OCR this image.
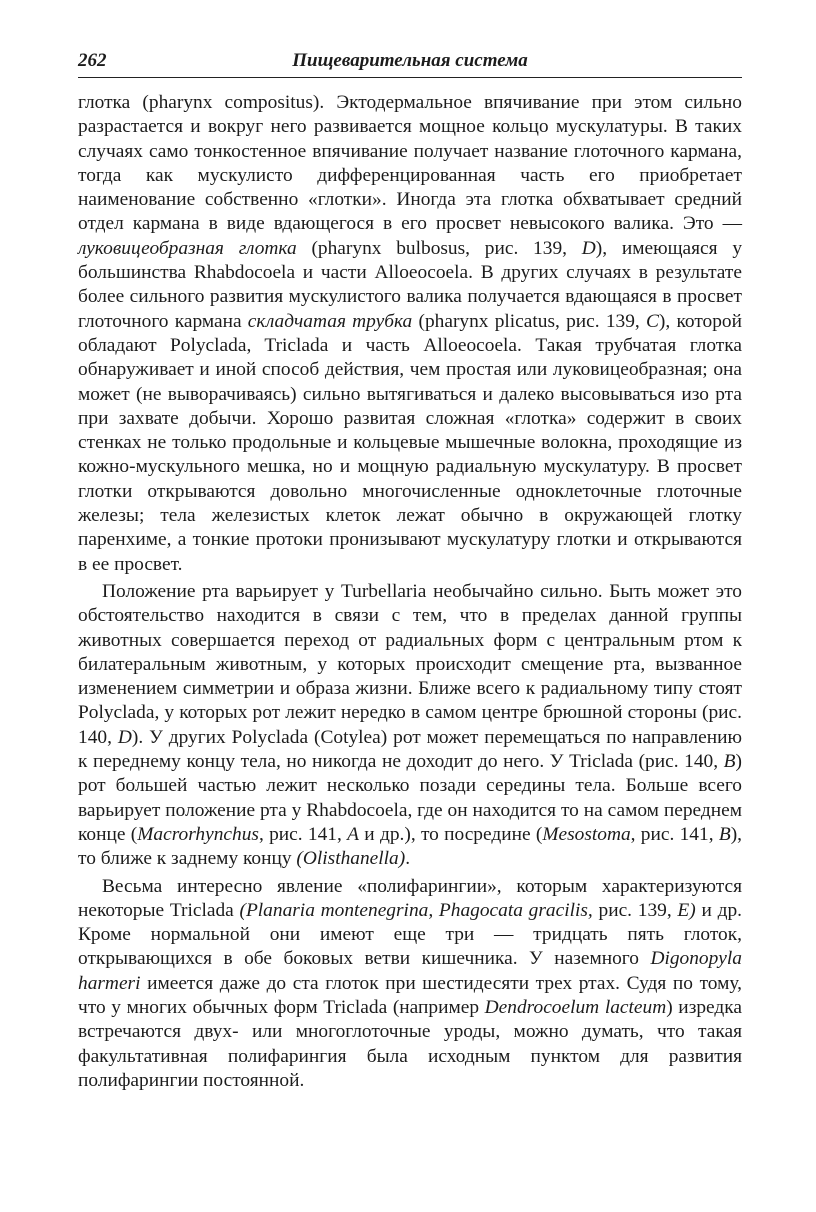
262	Пищеварительная система

глотка (pharynx compositus). Эктодермальное впячивание при этом сильно разрастается и вокруг него развивается мощное кольцо мускулатуры. В таких случаях само тонкостенное впячивание получает название глоточного кармана, тогда как мускулисто дифференцированная часть его приобретает наименование собственно «глотки». Иногда эта глотка обхватывает средний отдел кармана в виде вдающегося в его просвет невысокого валика. Это — луковицеобразная глотка (pharynx bulbosus, рис. 139, D), имеющаяся у большинства Rhabdocoela и части Alloeocoela. В других случаях в результате более сильного развития мускулистого валика получается вдающаяся в просвет глоточного кармана складчатая трубка (pharynx plicatus, рис. 139, C), которой обладают Polyclada, Triclada и часть Alloeocoela. Такая трубчатая глотка обнаруживает и иной способ действия, чем простая или луковицеобразная; она может (не выворачиваясь) сильно вытягиваться и далеко высовываться изо рта при захвате добычи. Хорошо развитая сложная «глотка» содержит в своих стенках не только продольные и кольцевые мышечные волокна, проходящие из кожно-мускульного мешка, но и мощную радиальную мускулатуру. В просвет глотки открываются довольно многочисленные одноклеточные глоточные железы; тела железистых клеток лежат обычно в окружающей глотку паренхиме, а тонкие протоки пронизывают мускулатуру глотки и открываются в ее просвет.

Положение рта варьирует у Turbellaria необычайно сильно. Быть может это обстоятельство находится в связи с тем, что в пределах данной группы животных совершается переход от радиальных форм с центральным ртом к билатеральным животным, у которых происходит смещение рта, вызванное изменением симметрии и образа жизни. Ближе всего к радиальному типу стоят Polyclada, у которых рот лежит нередко в самом центре брюшной стороны (рис. 140, D). У других Polyclada (Cotylea) рот может перемещаться по направлению к переднему концу тела, но никогда не доходит до него. У Triclada (рис. 140, B) рот большей частью лежит несколько позади середины тела. Больше всего варьирует положение рта у Rhabdocoela, где он находится то на самом переднем конце (Macrorhynchus, рис. 141, A и др.), то посредине (Mesostoma, рис. 141, B), то ближе к заднему концу (Olisthanella).

Весьма интересно явление «полифарингии», которым характеризуются некоторые Triclada (Planaria montenegrina, Phagocata gracilis, рис. 139, E) и др. Кроме нормальной они имеют еще три — тридцать пять глоток, открывающихся в обе боковых ветви кишечника. У наземного Digonopyla harmeri имеется даже до ста глоток при шестидесяти трех ртах. Судя по тому, что у многих обычных форм Triclada (например Dendrocoelum lacteum) изредка встречаются двух- или многоглоточные уроды, можно думать, что такая факультативная полифарингия была исходным пунктом для развития полифарингии постоянной.
